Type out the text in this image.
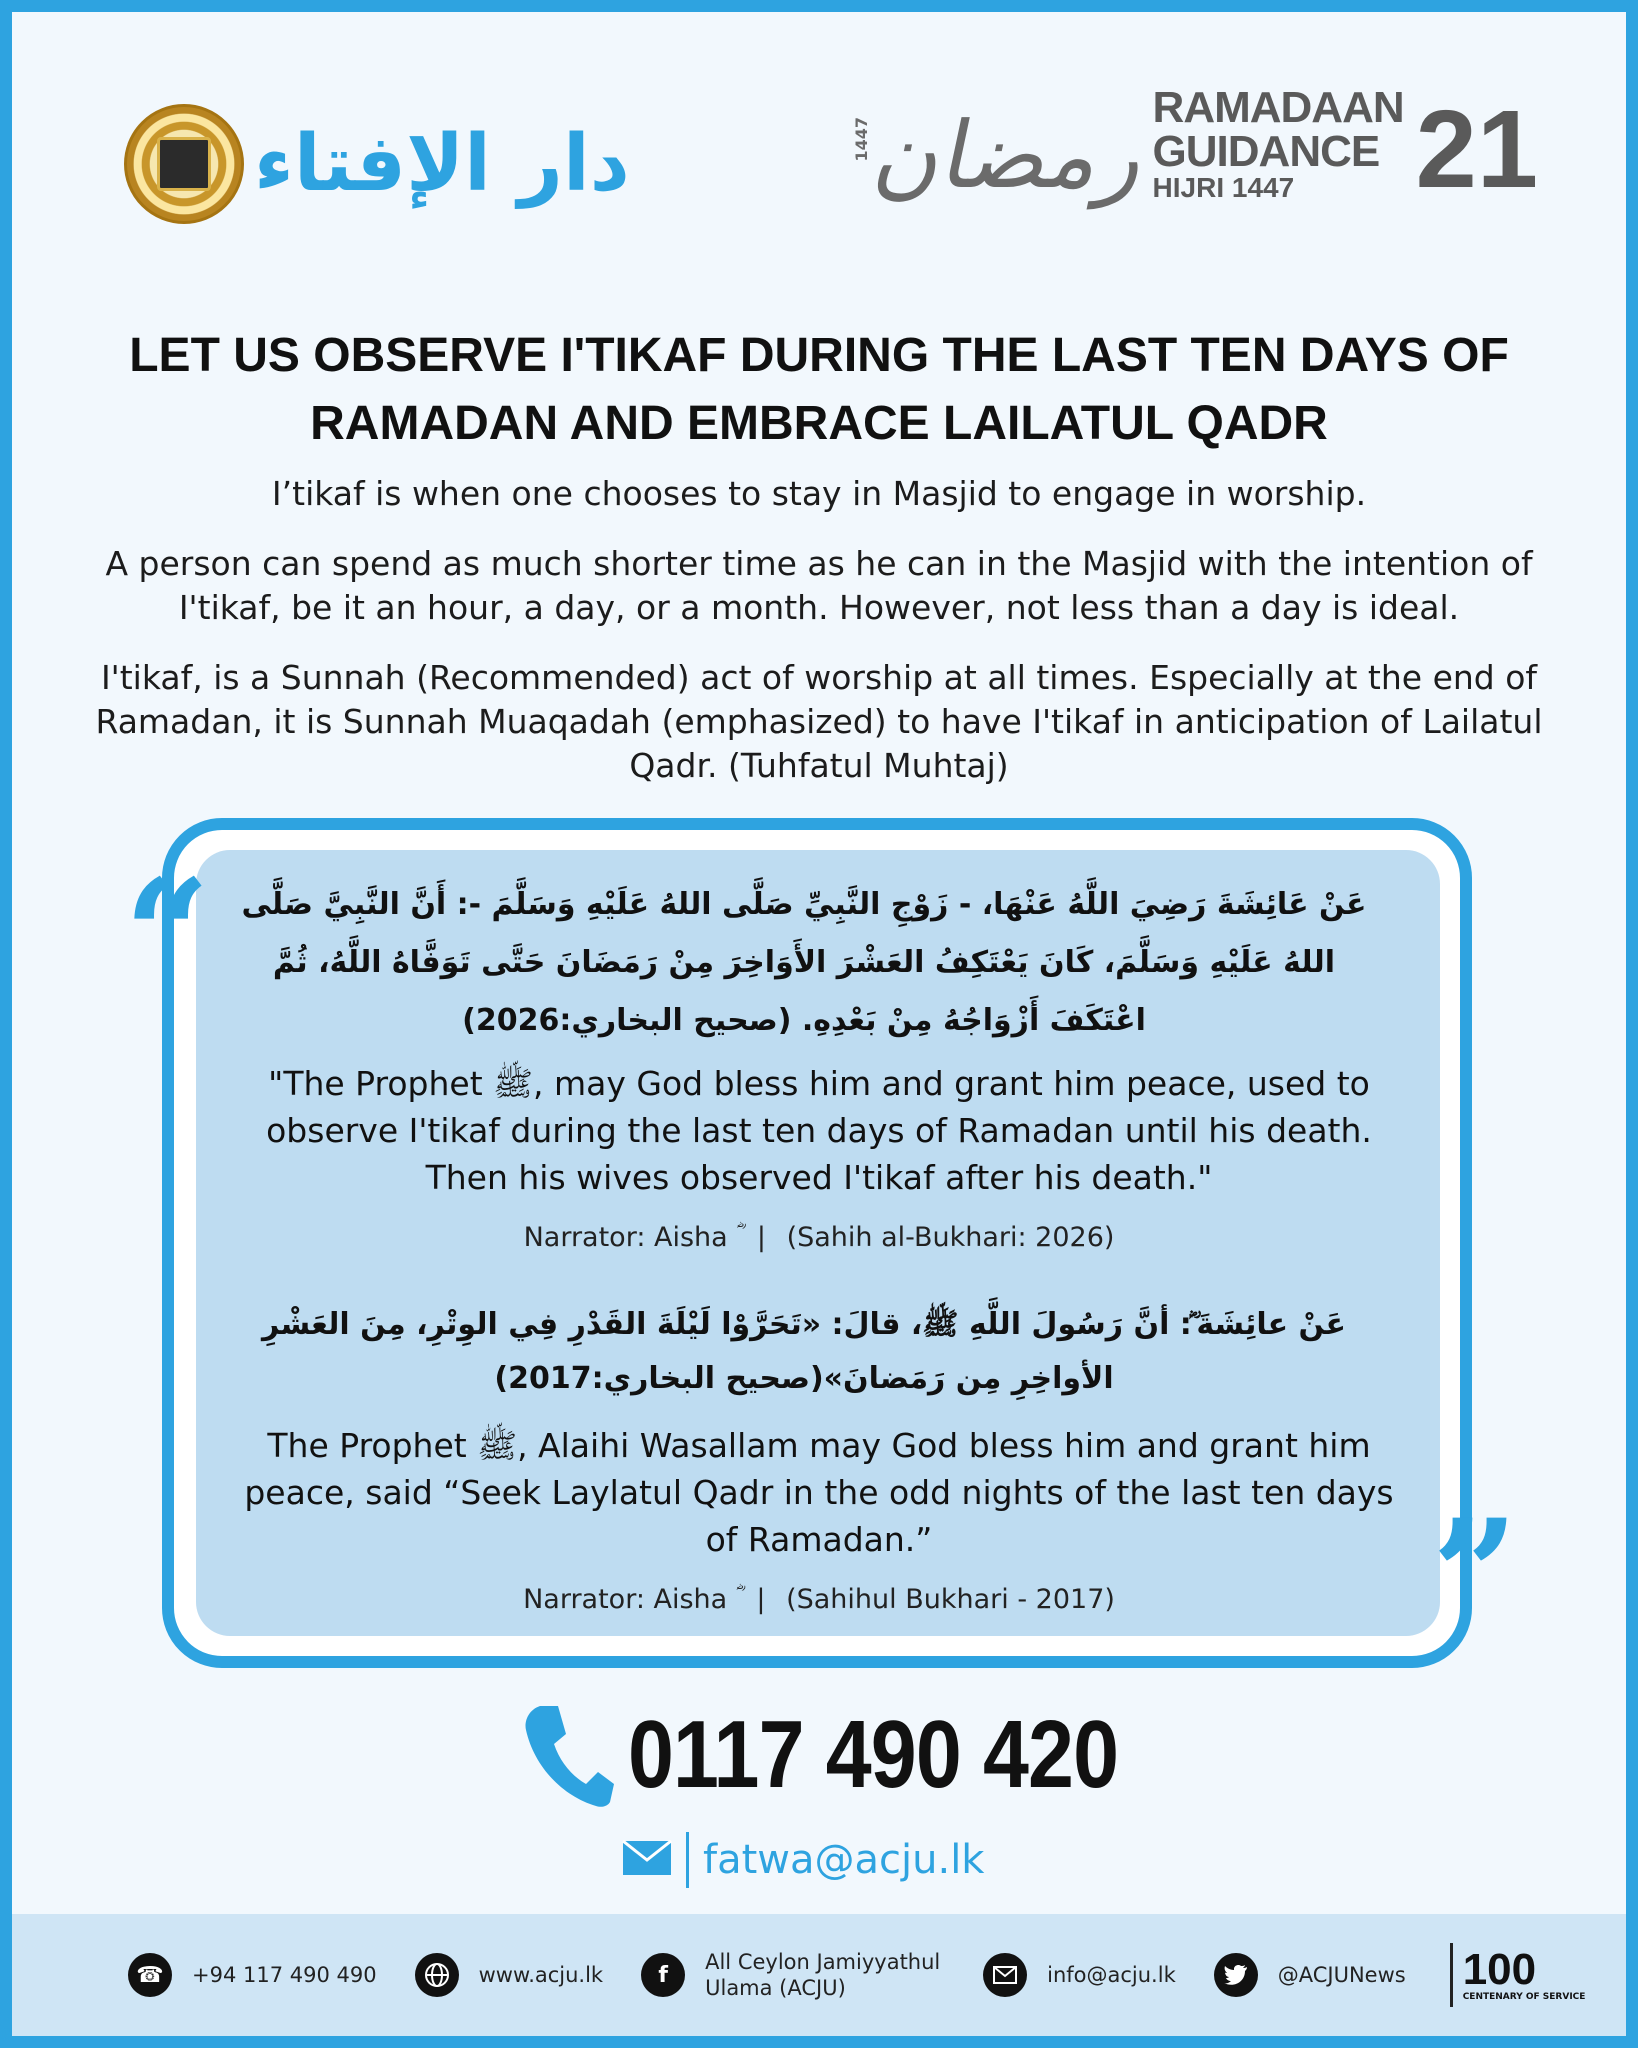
دار الإفتاء	1447
رمضان
RAMADAAN
GUIDANCE
HIJRI 1447	21
LET US OBSERVE I'TIKAF DURING THE LAST TEN DAYS OF RAMADAN AND EMBRACE LAILATUL QADR
I’tikaf is when one chooses to stay in Masjid to engage in worship.
A person can spend as much shorter time as he can in the Masjid with the intention of I'tikaf, be it an hour, a day, or a month. However, not less than a day is ideal.
I'tikaf, is a Sunnah (Recommended) act of worship at all times. Especially at the end of Ramadan, it is Sunnah Muaqadah (emphasized) to have I'tikaf in anticipation of Lailatul Qadr. (Tuhfatul Muhtaj)
“
”
عَنْ عَائِشَةَ رَضِيَ اللَّهُ عَنْهَا، - زَوْجِ النَّبِيِّ صَلَّى اللهُ عَلَيْهِ وَسَلَّمَ -: أَنَّ النَّبِيَّ صَلَّى اللهُ عَلَيْهِ وَسَلَّمَ، كَانَ يَعْتَكِفُ العَشْرَ الأَوَاخِرَ مِنْ رَمَضَانَ حَتَّى تَوَفَّاهُ اللَّهُ، ثُمَّ اعْتَكَفَ أَزْوَاجُهُ مِنْ بَعْدِهِ. (صحيح البخاري:2026)
"The Prophet ﷺ, may God bless him and grant him peace, used to observe I'tikaf during the last ten days of Ramadan until his death. Then his wives observed I'tikaf after his death."
Narrator: Aisha ؓ | (Sahih al-Bukhari: 2026)
عَنْ عائِشَةَ ؓ: أنَّ رَسُولَ اللَّهِ ﷺ، قالَ: «تَحَرَّوْا لَيْلَةَ القَدْرِ فِي الوِتْرِ، مِنَ العَشْرِ الأواخِرِ مِن رَمَضانَ»(صحيح البخاري:2017)
The Prophet ﷺ, Alaihi Wasallam may God bless him and grant him peace, said “Seek Laylatul Qadr in the odd nights of the last ten days of Ramadan.”
Narrator: Aisha ؓ | (Sahihul Bukhari - 2017)
0117 490 420
fatwa@acju.lk
☎	+94 117 490 490	www.acju.lk	f
All Ceylon Jamiyyathul Ulama (ACJU)
info@acju.lk	@ACJUNews 100
CENTENARY OF SERVICE
